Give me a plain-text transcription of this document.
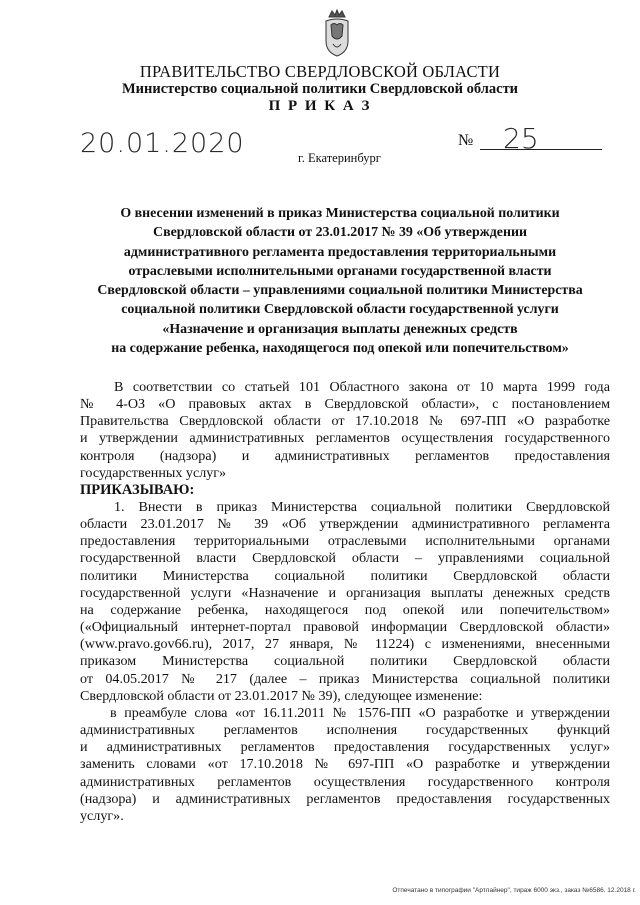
ПРАВИТЕЛЬСТВО СВЕРДЛОВСКОЙ ОБЛАСТИ
Министерство социальной политики Свердловской области
П Р И К А З
20.01.2020	№ 25
г. Екатеринбург
О внесении изменений в приказ Министерства социальной политики
Свердловской области от 23.01.2017 № 39 «Об утверждении
административного регламента предоставления территориальными
отраслевыми исполнительными органами государственной власти
Свердловской области – управлениями социальной политики Министерства
социальной политики Свердловской области государственной услуги
«Назначение и организация выплаты денежных средств
на содержание ребенка, находящегося под опекой или попечительством»
В соответствии со статьей 101 Областного закона от 10 марта 1999 года
№ 4-ОЗ «О правовых актах в Свердловской области», с постановлением
Правительства Свердловской области от 17.10.2018 № 697-ПП «О разработке
и утверждении административных регламентов осуществления государственного
контроля (надзора) и административных регламентов предоставления
государственных услуг»
ПРИКАЗЫВАЮ:
1. Внести в приказ Министерства социальной политики Свердловской
области 23.01.2017 № 39 «Об утверждении административного регламента
предоставления территориальными отраслевыми исполнительными органами
государственной власти Свердловской области – управлениями социальной
политики Министерства социальной политики Свердловской области
государственной услуги «Назначение и организация выплаты денежных средств
на содержание ребенка, находящегося под опекой или попечительством»
(«Официальный интернет-портал правовой информации Свердловской области»
(www.pravo.gov66.ru), 2017, 27 января, № 11224) с изменениями, внесенными
приказом Министерства социальной политики Свердловской области
от 04.05.2017 № 217 (далее – приказ Министерства социальной политики
Свердловской области от 23.01.2017 № 39), следующее изменение:
в преамбуле слова «от 16.11.2011 № 1576-ПП «О разработке и утверждении
административных регламентов исполнения государственных функций
и административных регламентов предоставления государственных услуг»
заменить словами «от 17.10.2018 № 697-ПП «О разработке и утверждении
административных регламентов осуществления государственного контроля
(надзора) и административных регламентов предоставления государственных
услуг».
Отпечатано в типографии "Артлайнер", тираж 6000 экз., заказ №6586. 12.2018 г.
